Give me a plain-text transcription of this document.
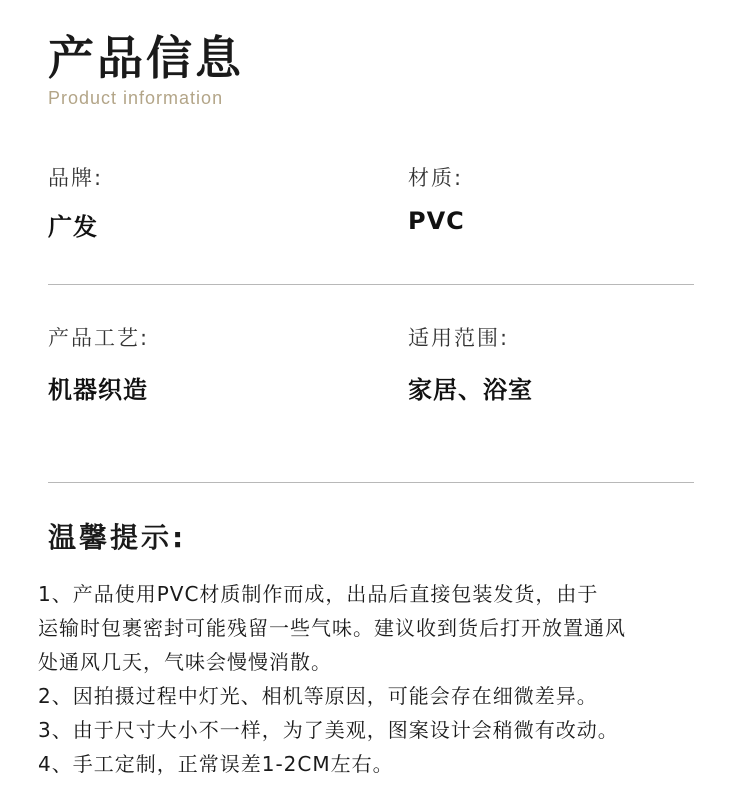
产品信息
Product information
品牌:
广发
材质:
PVC
产品工艺:
机器织造
适用范围:
家居、浴室
温馨提示:
1、产品使用PVC材质制作而成，出品后直接包装发货，由于
运输时包裹密封可能残留一些气味。建议收到货后打开放置通风
处通风几天，气味会慢慢消散。
2、因拍摄过程中灯光、相机等原因，可能会存在细微差异。
3、由于尺寸大小不一样，为了美观，图案设计会稍微有改动。
4、手工定制，正常误差1-2CM左右。
